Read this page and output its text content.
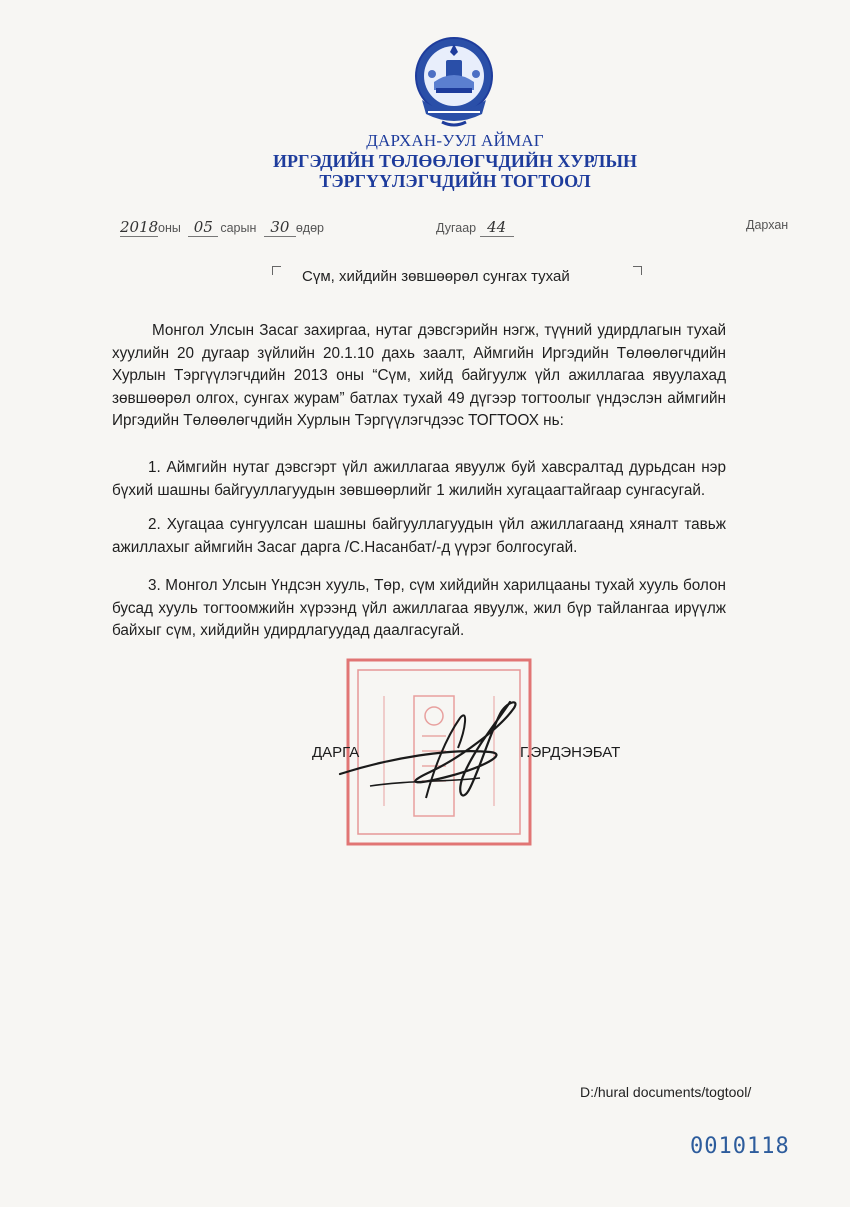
ДАРХАН-УУЛ АЙМАГ
ИРГЭДИЙН ТӨЛӨӨЛӨГЧДИЙН ХУРЛЫН
ТЭРГҮҮЛЭГЧДИЙН ТОГТООЛ
2018оны 05 сарын 30 өдөр	Дугаар 44	Дархан
Сүм, хийдийн зөвшөөрөл сунгах тухай
Монгол Улсын Засаг захиргаа, нутаг дэвсгэрийн нэгж, түүний удирдлагын тухай хуулийн 20 дугаар зүйлийн 20.1.10 дахь заалт, Аймгийн Иргэдийн Төлөөлөгчдийн Хурлын Тэргүүлэгчдийн 2013 оны “Сүм, хийд байгуулж үйл ажиллагаа явуулахад зөвшөөрөл олгох, сунгах журам” батлах тухай 49 дүгээр тогтоолыг үндэслэн аймгийн Иргэдийн Төлөөлөгчдийн Хурлын Тэргүүлэгчдээс ТОГТООХ нь:
1. Аймгийн нутаг дэвсгэрт үйл ажиллагаа явуулж буй хавсралтад дурьдсан нэр бүхий шашны байгууллагуудын зөвшөөрлийг 1 жилийн хугацаагтайгаар сунгасугай.
2. Хугацаа сунгуулсан шашны байгууллагуудын үйл ажиллагаанд хяналт тавьж ажиллахыг аймгийн Засаг дарга /С.Насанбат/-д үүрэг болгосугай.
3. Монгол Улсын Үндсэн хууль, Төр, сүм хийдийн харилцааны тухай хууль болон бусад хууль тогтоомжийн хүрээнд үйл ажиллагаа явуулж, жил бүр тайлангаа ирүүлж байхыг сүм, хийдийн удирдлагуудад даалгасугай.
ДАРГА	Г.ЭРДЭНЭБАТ
D:/hural documents/togtool/
0010118
